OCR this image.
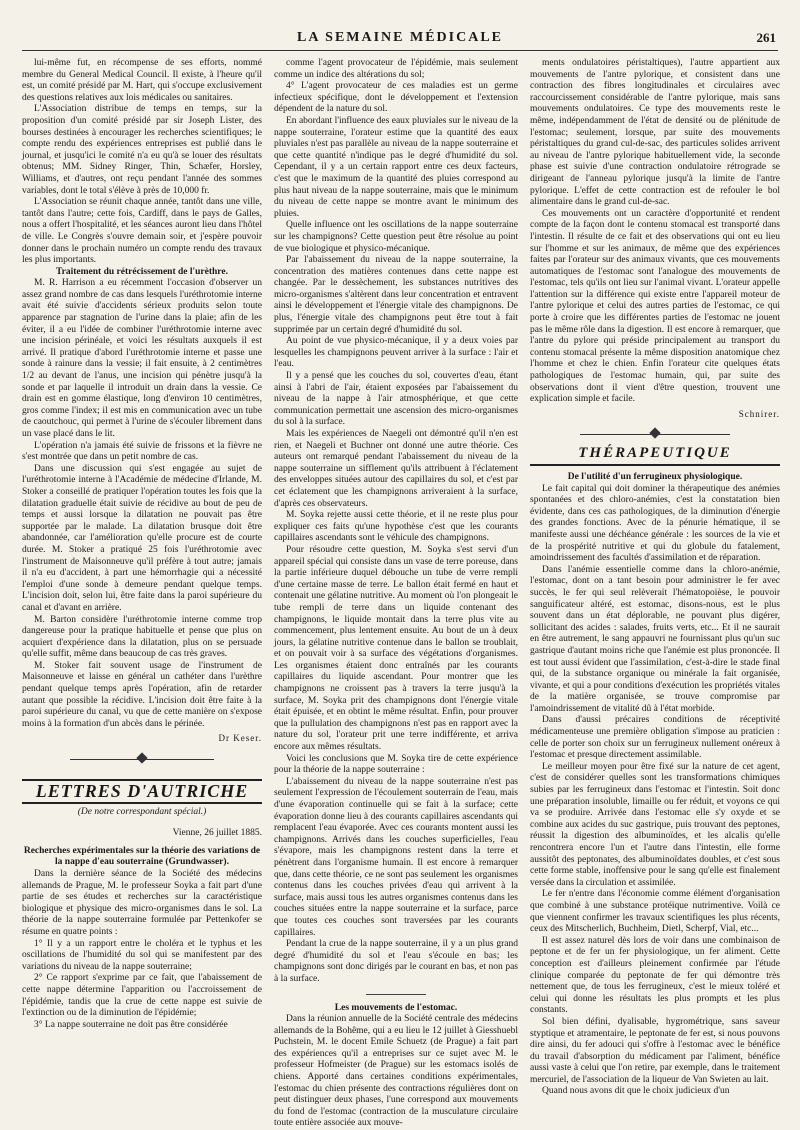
LA SEMAINE MÉDICALE	261

lui-même fut, en récompense de ses efforts, nommé membre du General Medical Council. Il existe, à l'heure qu'il est, un comité présidé par M. Hart, qui s'occupe exclusivement des questions relatives aux lois médicales ou sanitaires.

L'Association distribue de temps en temps, sur la proposition d'un comité présidé par sir Joseph Lister, des bourses destinées à encourager les recherches scientifiques; le compte rendu des expériences entreprises est publié dans le journal, et jusqu'ici le comité n'a eu qu'à se louer des résultats obtenus; MM. Sidney Ringer, Thin, Schæfer, Horsley, Williams, et d'autres, ont reçu pendant l'année des sommes variables, dont le total s'élève à près de 10,000 fr.

L'Association se réunit chaque année, tantôt dans une ville, tantôt dans l'autre; cette fois, Cardiff, dans le pays de Galles, nous a offert l'hospitalité, et les séances auront lieu dans l'hôtel de ville. Le Congrès s'ouvre demain soir, et j'espère pouvoir donner dans le prochain numéro un compte rendu des travaux les plus importants.

Traitement du rétrécissement de l'urèthre.

M. R. Harrison a eu récemment l'occasion d'observer un assez grand nombre de cas dans lesquels l'uréthrotomie interne avait été suivie d'accidents sérieux produits selon toute apparence par stagnation de l'urine dans la plaie; afin de les éviter, il a eu l'idée de combiner l'uréthrotomie interne avec une incision périnéale, et voici les résultats auxquels il est arrivé. Il pratique d'abord l'uréthrotomie interne et passe une sonde à rainure dans la vessie; il fait ensuite, à 2 centimètres 1/2 au devant de l'anus, une incision qui pénètre jusqu'à la sonde et par laquelle il introduit un drain dans la vessie. Ce drain est en gomme élastique, long d'environ 10 centimètres, gros comme l'index; il est mis en communication avec un tube de caoutchouc, qui permet à l'urine de s'écouler librement dans un vase placé dans le lit.

L'opération n'a jamais été suivie de frissons et la fièvre ne s'est montrée que dans un petit nombre de cas.

Dans une discussion qui s'est engagée au sujet de l'uréthrotomie interne à l'Académie de médecine d'Irlande, M. Stoker a conseillé de pratiquer l'opération toutes les fois que la dilatation graduelle était suivie de récidive au bout de peu de temps et aussi lorsque la dilatation ne pouvait pas être supportée par le malade. La dilatation brusque doit être abandonnée, car l'amélioration qu'elle procure est de courte durée. M. Stoker a pratiqué 25 fois l'uréthrotomie avec l'instrument de Maisonneuve qu'il préfère à tout autre; jamais il n'a eu d'accident, à part une hémorrhagie qui a nécessité l'emploi d'une sonde à demeure pendant quelque temps. L'incision doit, selon lui, être faite dans la paroi supérieure du canal et d'avant en arrière.

M. Barton considère l'uréthrotomie interne comme trop dangereuse pour la pratique habituelle et pense que plus on acquiert d'expérience dans la dilatation, plus on se persuade qu'elle suffit, même dans beaucoup de cas très graves.

M. Stoker fait souvent usage de l'instrument de Maisonneuve et laisse en général un cathéter dans l'urèthre pendant quelque temps après l'opération, afin de retarder autant que possible la récidive. L'incision doit être faite à la paroi supérieure du canal, vu que de cette manière on s'expose moins à la formation d'un abcès dans le périnée.

Dr Keser.
LETTRES D'AUTRICHE
(De notre correspondant spécial.)
Vienne, 26 juillet 1885.

Recherches expérimentales sur la théorie des variations de la nappe d'eau souterraine (Grundwasser).

Dans la dernière séance de la Société des médecins allemands de Prague, M. le professeur Soyka a fait part d'une partie de ses études et recherches sur la caractéristique biologique et physique des micro-organismes dans le sol. La théorie de la nappe souterraine formulée par Pettenkofer se résume en quatre points :

1° Il y a un rapport entre le choléra et le typhus et les oscillations de l'humidité du sol qui se manifestent par des variations du niveau de la nappe souterraine;

2° Ce rapport s'exprime par ce fait, que l'abaissement de cette nappe détermine l'apparition ou l'accroissement de l'épidémie, tandis que la crue de cette nappe est suivie de l'extinction ou de la diminution de l'épidémie;

3° La nappe souterraine ne doit pas être considérée

comme l'agent provocateur de l'épidémie, mais seulement comme un indice des altérations du sol;

4° L'agent provocateur de ces maladies est un germe infectieux spécifique, dont le développement et l'extension dépendent de la nature du sol.

En abordant l'influence des eaux pluviales sur le niveau de la nappe souterraine, l'orateur estime que la quantité des eaux pluviales n'est pas parallèle au niveau de la nappe souterraine et que cette quantité n'indique pas le degré d'humidité du sol. Cependant, il y a un certain rapport entre ces deux facteurs, c'est que le maximum de la quantité des pluies correspond au plus haut niveau de la nappe souterraine, mais que le minimum du niveau de cette nappe se montre avant le minimum des pluies.

Quelle influence ont les oscillations de la nappe souterraine sur les champignons? Cette question peut être résolue au point de vue biologique et physico-mécanique.

Par l'abaissement du niveau de la nappe souterraine, la concentration des matières contenues dans cette nappe est changée. Par le dessèchement, les substances nutritives des micro-organismes s'altèrent dans leur concentration et entravent ainsi le développement et l'énergie vitale des champignons. De plus, l'énergie vitale des champignons peut être tout à fait supprimée par un certain degré d'humidité du sol.

Au point de vue physico-mécanique, il y a deux voies par lesquelles les champignons peuvent arriver à la surface : l'air et l'eau.

Il y a pensé que les couches du sol, couvertes d'eau, étant ainsi à l'abri de l'air, étaient exposées par l'abaissement du niveau de la nappe à l'air atmosphérique, et que cette communication permettait une ascension des micro-organismes du sol à la surface.

Mais les expériences de Naegeli ont démontré qu'il n'en est rien, et Naegeli et Buchner ont donné une autre théorie. Ces auteurs ont remarqué pendant l'abaissement du niveau de la nappe souterraine un sifflement qu'ils attribuent à l'éclatement des enveloppes situées autour des capillaires du sol, et c'est par cet éclatement que les champignons arriveraient à la surface, d'après ces observateurs.

M. Soyka rejette aussi cette théorie, et il ne reste plus pour expliquer ces faits qu'une hypothèse c'est que les courants capillaires ascendants sont le véhicule des champignons.

Pour résoudre cette question, M. Soyka s'est servi d'un appareil spécial qui consiste dans un vase de terre poreuse, dans la partie inférieure duquel débouche un tube de verre rempli d'une certaine masse de terre. Le ballon était fermé en haut et contenait une gélatine nutritive. Au moment où l'on plongeait le tube rempli de terre dans un liquide contenant des champignons, le liquide montait dans la terre plus vite au commencement, plus lentement ensuite. Au bout de un à deux jours, la gélatine nutritive contenue dans le ballon se troublait, et on pouvait voir à sa surface des végétations d'organismes. Les organismes étaient donc entraînés par les courants capillaires du liquide ascendant. Pour montrer que les champignons ne croissent pas à travers la terre jusqu'à la surface, M. Soyka prit des champignons dont l'énergie vitale était épuisée, et en obtint le même résultat. Enfin, pour prouver que la pullulation des champignons n'est pas en rapport avec la nature du sol, l'orateur prit une terre indifférente, et arriva encore aux mêmes résultats.

Voici les conclusions que M. Soyka tire de cette expérience pour la théorie de la nappe souterraine :

L'abaissement du niveau de la nappe souterraine n'est pas seulement l'expression de l'écoulement souterrain de l'eau, mais d'une évaporation continuelle qui se fait à la surface; cette évaporation donne lieu à des courants capillaires ascendants qui remplacent l'eau évaporée. Avec ces courants montent aussi les champignons. Arrivés dans les couches superficielles, l'eau s'évapore, mais les champignons restent dans la terre et pénètrent dans l'organisme humain. Il est encore à remarquer que, dans cette théorie, ce ne sont pas seulement les organismes contenus dans les couches privées d'eau qui arrivent à la surface, mais aussi tous les autres organismes contenus dans les couches situées entre la nappe souterraine et la surface, parce que toutes ces couches sont traversées par les courants capillaires.

Pendant la crue de la nappe souterraine, il y a un plus grand degré d'humidité du sol et l'eau s'écoule en bas; les champignons sont donc dirigés par le courant en bas, et non pas à la surface.

Les mouvements de l'estomac.

Dans la réunion annuelle de la Société centrale des médecins allemands de la Bohême, qui a eu lieu le 12 juillet à Giesshuebl Puchstein, M. le docent Emile Schuetz (de Prague) a fait part des expériences qu'il a entreprises sur ce sujet avec M. le professeur Hofmeister (de Prague) sur les estomacs isolés de chiens. Apporté dans certaines conditions expérimentales, l'estomac du chien présente des contractions régulières dont on peut distinguer deux phases, l'une correspond aux mouvements du fond de l'estomac (contraction de la musculature circulaire toute entière associée aux mouve-

ments ondulatoires péristaltiques), l'autre appartient aux mouvements de l'antre pylorique, et consistent dans une contraction des fibres longitudinales et circulaires avec raccourcissement considérable de l'antre pylorique, mais sans mouvements ondulatoires. Ce type des mouvements reste le même, indépendamment de l'état de densité ou de plénitude de l'estomac; seulement, lorsque, par suite des mouvements péristaltiques du grand cul-de-sac, des particules solides arrivent au niveau de l'antre pylorique habituellement vide, la seconde phase est suivie d'une contraction ondulatoire rétrograde se dirigeant de l'anneau pylorique jusqu'à la limite de l'antre pylorique. L'effet de cette contraction est de refouler le bol alimentaire dans le grand cul-de-sac.

Ces mouvements ont un caractère d'opportunité et rendent compte de la façon dont le contenu stomacal est transporté dans l'intestin. Il résulte de ce fait et des observations qui ont eu lieu sur l'homme et sur les animaux, de même que des expériences faites par l'orateur sur des animaux vivants, que ces mouvements automatiques de l'estomac sont l'analogue des mouvements de l'estomac, tels qu'ils ont lieu sur l'animal vivant. L'orateur appelle l'attention sur la différence qui existe entre l'appareil moteur de l'antre pylorique et celui des autres parties de l'estomac, ce qui porte à croire que les différentes parties de l'estomac ne jouent pas le même rôle dans la digestion. Il est encore à remarquer, que l'antre du pylore qui préside principalement au transport du contenu stomacal présente la même disposition anatomique chez l'homme et chez le chien. Enfin l'orateur cite quelques états pathologiques de l'estomac humain, qui, par suite des observations dont il vient d'être question, trouvent une explication simple et facile.

Schnirer.
THÉRAPEUTIQUE

De l'utilité d'un ferrugineux physiologique.

Le fait capital qui doit dominer la thérapeutique des anémies spontanées et des chloro-anémies, c'est la constatation bien évidente, dans ces cas pathologiques, de la diminution d'énergie des grandes fonctions. Avec de la pénurie hématique, il se manifeste aussi une déchéance générale : les sources de la vie et de la prospérité nutritive et qui du globule du fatalement, amoindrissement des facultés d'assimilation et de réparation.

Dans l'anémie essentielle comme dans la chloro-anémie, l'estomac, dont on a tant besoin pour administrer le fer avec succès, le fer qui seul relèverait l'hématopoièse, le pouvoir sanguificateur altéré, est estomac, disons-nous, est le plus souvent dans un état déplorable, ne pouvant plus digérer, sollicitant des acides : salades, fruits verts, etc... Et il ne saurait en être autrement, le sang appauvri ne fournissant plus qu'un suc gastrique d'autant moins riche que l'anémie est plus prononcée. Il est tout aussi évident que l'assimilation, c'est-à-dire le stade final qui, de la substance organique ou minérale la fait organisée, vivante, et qui a pour conditions d'exécution les propriétés vitales de la matière organisée, se trouve compromise par l'amoindrissement de vitalité dû à l'état morbide.

Dans d'aussi précaires conditions de réceptivité médicamenteuse une première obligation s'impose au praticien : celle de porter son choix sur un ferrugineux nullement onéreux à l'estomac et presque directement assimilable.

Le meilleur moyen pour être fixé sur la nature de cet agent, c'est de considérer quelles sont les transformations chimiques subies par les ferrugineux dans l'estomac et l'intestin. Soit donc une préparation insoluble, limaille ou fer réduit, et voyons ce qui va se produire. Arrivée dans l'estomac elle s'y oxyde et se combine aux acides du suc gastrique, puis trouvant des peptones, réussit la digestion des albuminoïdes, et les alcalis qu'elle rencontrera encore l'un et l'autre dans l'intestin, elle forme aussitôt des peptonates, des albuminoïdates doubles, et c'est sous cette forme stable, inoffensive pour le sang qu'elle est finalement versée dans la circulation et assimilée.

Le fer n'entre dans l'économie comme élément d'organisation que combiné à une substance protéique nutrimentive. Voilà ce que viennent confirmer les travaux scientifiques les plus récents, ceux des Mitscherlich, Buchheim, Dietl, Scherpf, Vial, etc...

Il est assez naturel dès lors de voir dans une combinaison de peptone et de fer un fer physiologique, un fer aliment. Cette conception est d'ailleurs pleinement confirmée par l'étude clinique comparée du peptonate de fer qui démontre très nettement que, de tous les ferrugineux, c'est le mieux toléré et celui qui donne les résultats les plus prompts et les plus constants.

Sol bien défini, dyalisable, hygrométrique, sans saveur styptique et atramentaire, le peptonate de fer est, si nous pouvons dire ainsi, du fer adouci qui s'offre à l'estomac avec le bénéfice du travail d'absorption du médicament par l'aliment, bénéfice aussi vaste à celui que l'on retire, par exemple, dans le traitement mercuriel, de l'association de la liqueur de Van Swieten au lait.

Quand nous avons dit que le choix judicieux d'un
